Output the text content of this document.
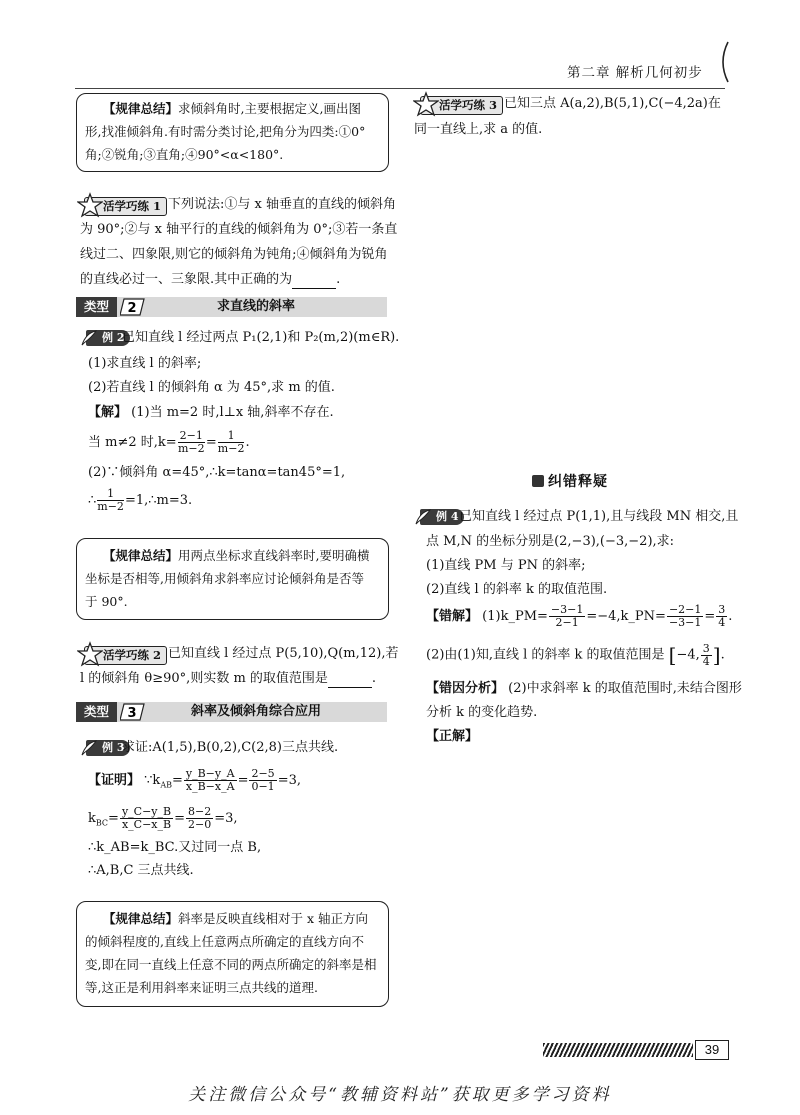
第二章 解析几何初步
【规律总结】求倾斜角时,主要根据定义,画出图
形,找准倾斜角.有时需分类讨论,把角分为四类:①0°
角;②锐角;③直角;④90°<α<180°.
活学巧练 1 下列说法:①与 x 轴垂直的直线的倾斜角
为 90°;②与 x 轴平行的直线的倾斜角为 0°;③若一条直
线过二、四象限,则它的倾斜角为钝角;④倾斜角为锐角
的直线必过一、三象限.其中正确的为	.
类型	2	求直线的斜率
例 2
已知直线 l 经过两点 P₁(2,1)和 P₂(m,2)(m∈R).
(1)求直线 l 的斜率;
(2)若直线 l 的倾斜角 α 为 45°,求 m 的值.
【解】 (1)当 m=2 时,l⊥x 轴,斜率不存在.
当 m≠2 时$,k= \frac{2-1}{m-2} = \frac{1}{m-2}$ .
(2)∵倾斜角 α=45°,∴k=tanα=tan45°=1,
∴ $\frac{1}{m-2}$ =1,∴m=3.
【规律总结】用两点坐标求直线斜率时,要明确横
坐标是否相等,用倾斜角求斜率应讨论倾斜角是否等
于 90°.
活学巧练 2 已知直线 l 经过点 P(5,10),Q(m,12),若
l 的倾斜角 θ≥90°,则实数 m 的取值范围是	.
类型	3	斜率及倾斜角综合应用
例 3
求证:A(1,5),B(0,2),C(2,8)三点共线.
【证明】 $\because k_{AB}= \frac{y\_B-y\_A}{x\_B-x\_A} = \frac{2-5}{0-1} =3$,
$k_{BC}= \frac{y\_C-y\_B}{x\_C-x\_B} = \frac{8-2}{2-0} =3$,
∴k_AB=k_BC.又过同一点 B,
∴A,B,C 三点共线.
【规律总结】斜率是反映直线相对于 x 轴正方向
的倾斜程度的,直线上任意两点所确定的直线方向不
变,即在同一直线上任意不同的两点所确定的斜率是相
等,这正是利用斜率来证明三点共线的道理.
活学巧练 3 已知三点 A(a,2),B(5,1),C(−4,2a)在
同一直线上,求 a 的值.
纠错释疑
例 4 已知直线 l 经过点 P(1,1),且与线段 MN 相交,且
点 M,N 的坐标分别是(2,−3),(−3,−2),求:
(1)直线 PM 与 PN 的斜率;
(2)直线 l 的斜率 k 的取值范围.
【错解】 (1)k_PM= $\frac{-3-1}{2-1}$ =−4,k_PN= $\frac{-2-1}{-3-1} = \frac{3}{4}$ .
(2)由(1)知,直线 l 的斜率 k 的取值范围是 [−4, $\frac{3}{4}$ ].
【错因分析】 (2)中求斜率 k 的取值范围时,未结合图形
分析 k 的变化趋势.
【正解】
39
关注微信公众号“教辅资料站”获取更多学习资料
